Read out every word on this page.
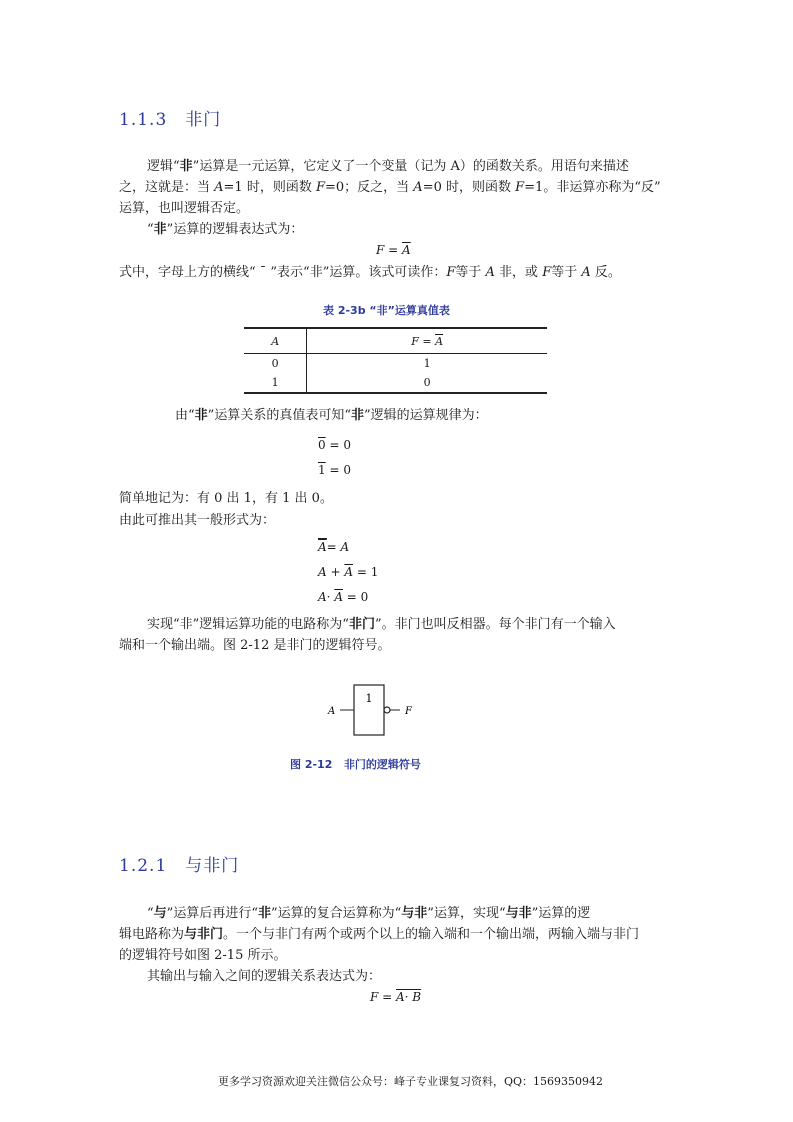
1.1.3 非门
逻辑“非”运算是一元运算，它定义了一个变量（记为 A）的函数关系。用语句来描述
之，这就是：当 A=1 时，则函数 F=0；反之，当 A=0 时，则函数 F=1。非运算亦称为“反”
运算，也叫逻辑否定。
“非”运算的逻辑表达式为：
$F = \overline{A}$
式中，字母上方的横线“ ¯ ”表示“非”运算。该式可读作：F等于 A 非，或 F等于 A 反。
表 2-3b “非”运算真值表
A	$F = \overline{A}$
0	1
1	0
由“非”运算关系的真值表可知“非”逻辑的运算规律为：
0 = 0
1 = 0
简单地记为：有 0 出 1，有 1 出 0。
由此可推出其一般形式为：
$\overline{A}= A$
$A + \overline{A} = 1$
$A\cdot \overline{A} = 0$
实现“非”逻辑运算功能的电路称为“非门”。非门也叫反相器。每个非门有一个输入
端和一个输出端。图 2-12 是非门的逻辑符号。
1
A	F
图 2-12   非门的逻辑符号
1.2.1 与非门
“与”运算后再进行“非”运算的复合运算称为“与非”运算，实现“与非”运算的逻
辑电路称为与非门。一个与非门有两个或两个以上的输入端和一个输出端，两输入端与非门
的逻辑符号如图 2-15 所示。
其输出与输入之间的逻辑关系表达式为：
F = A· B
更多学习资源欢迎关注微信公众号：峰子专业课复习资料，QQ：1569350942
